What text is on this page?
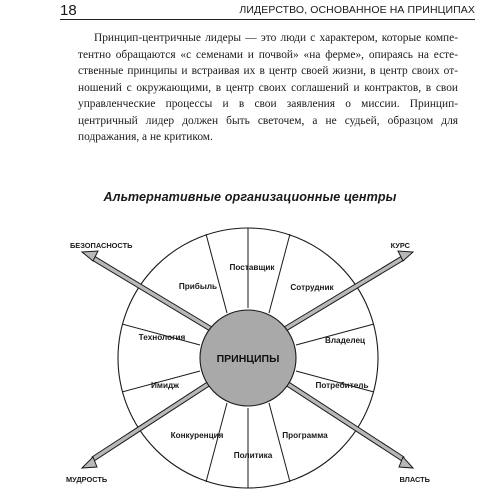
18	ЛИДЕРСТВО, ОСНОВАННОЕ НА ПРИНЦИПАХ

Принцип-центричные лидеры — это люди с характером, которые компе- тентно обращаются «с семенами и почвой» «на ферме», опираясь на есте- ственные принципы и встраивая их в центр своей жизни, в центр своих от- ношений с окружающими, в центр своих соглашений и контрактов, в свои управленческие процессы и в свои заявления о миссии. Принцип-центричный лидер должен быть светочем, а не судьей, образцом для подражания, а не критиком.

Альтернативные организационные центры
ПРИНЦИПЫ
Поставщик
Сотрудник
Владелец
Потребитель
Программа
Политика
Конкуренция
Имидж
Технология
Прибыль
БЕЗОПАСНОСТЬ	КУРС
МУДРОСТЬ	ВЛАСТЬ
